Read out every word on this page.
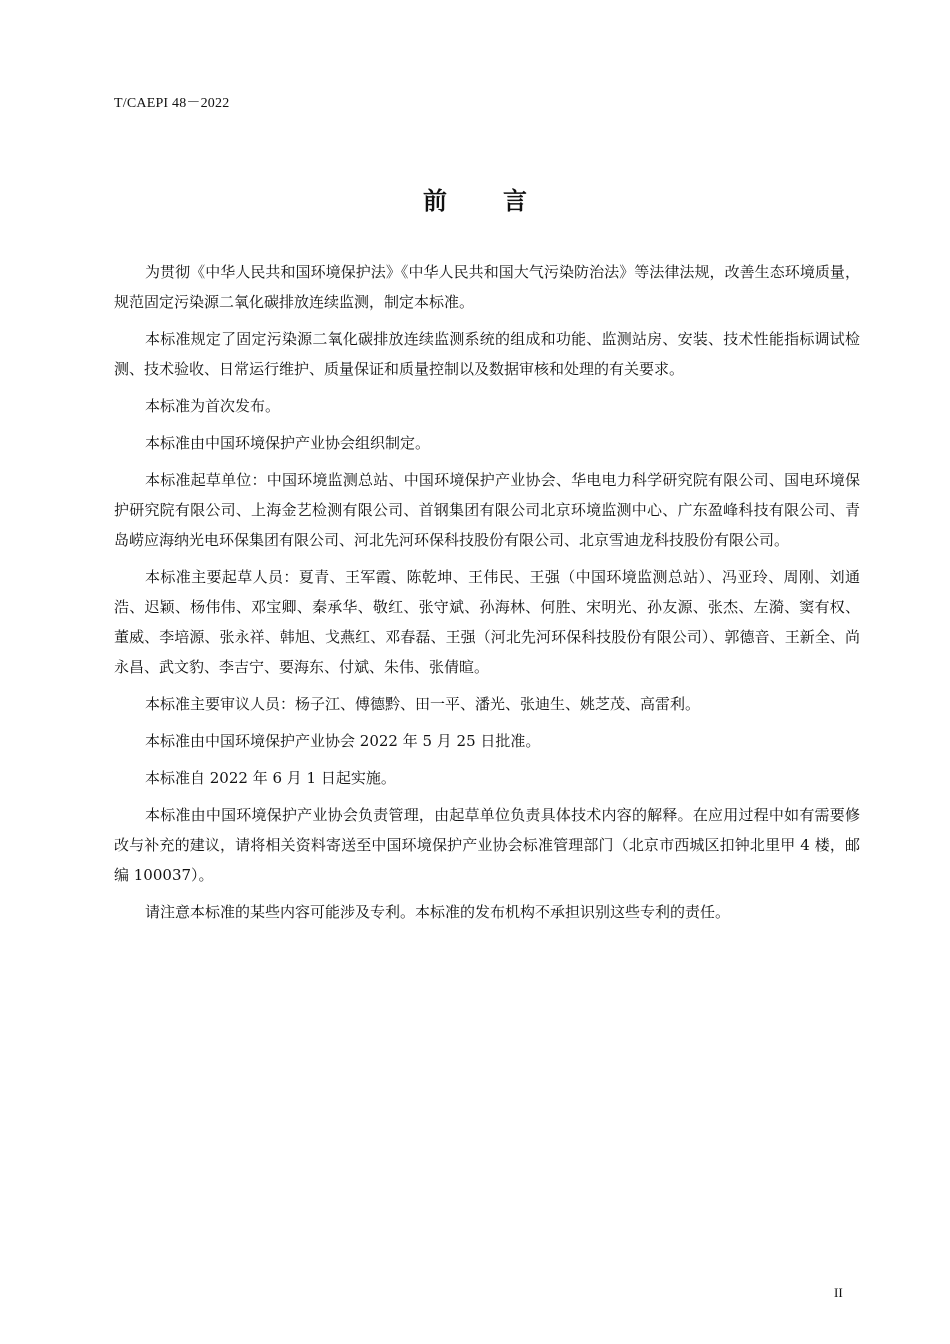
T/CAEPI 48－2022
前言

为贯彻《中华人民共和国环境保护法》《中华人民共和国大气污染防治法》等法律法规，改善生态环境质量，规范固定污染源二氧化碳排放连续监测，制定本标准。

本标准规定了固定污染源二氧化碳排放连续监测系统的组成和功能、监测站房、安装、技术性能指标调试检测、技术验收、日常运行维护、质量保证和质量控制以及数据审核和处理的有关要求。

本标准为首次发布。

本标准由中国环境保护产业协会组织制定。

本标准起草单位：中国环境监测总站、中国环境保护产业协会、华电电力科学研究院有限公司、国电环境保护研究院有限公司、上海金艺检测有限公司、首钢集团有限公司北京环境监测中心、广东盈峰科技有限公司、青岛崂应海纳光电环保集团有限公司、河北先河环保科技股份有限公司、北京雪迪龙科技股份有限公司。

本标准主要起草人员：夏青、王军霞、陈乾坤、王伟民、王强（中国环境监测总站）、冯亚玲、周刚、刘通浩、迟颖、杨伟伟、邓宝卿、秦承华、敬红、张守斌、孙海林、何胜、宋明光、孙友源、张杰、左漪、窦有权、董威、李培源、张永祥、韩旭、戈燕红、邓春磊、王强（河北先河环保科技股份有限公司）、郭德音、王新全、尚永昌、武文豹、李吉宁、要海东、付斌、朱伟、张倩暄。

本标准主要审议人员：杨子江、傅德黔、田一平、潘光、张迪生、姚芝茂、高雷利。

本标准由中国环境保护产业协会 2022 年 5 月 25 日批准。

本标准自 2022 年 6 月 1 日起实施。

本标准由中国环境保护产业协会负责管理，由起草单位负责具体技术内容的解释。在应用过程中如有需要修改与补充的建议，请将相关资料寄送至中国环境保护产业协会标准管理部门（北京市西城区扣钟北里甲 4 楼，邮编 100037）。

请注意本标准的某些内容可能涉及专利。本标准的发布机构不承担识别这些专利的责任。

II
